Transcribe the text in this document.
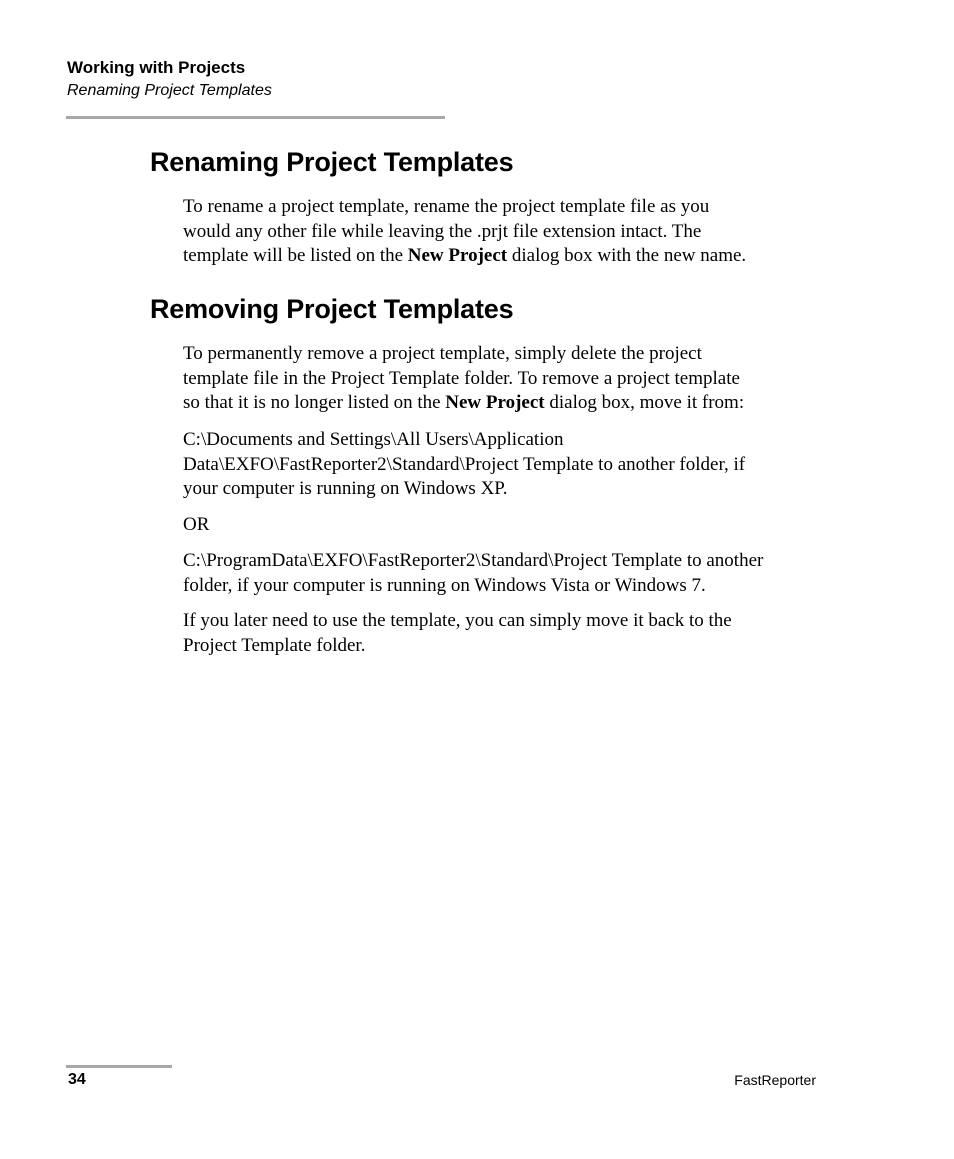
Working with Projects

Renaming Project Templates

Renaming Project Templates

To rename a project template, rename the project template file as you
would any other file while leaving the .prjt file extension intact. The
template will be listed on the New Project dialog box with the new name.

Removing Project Templates

To permanently remove a project template, simply delete the project
template file in the Project Template folder. To remove a project template
so that it is no longer listed on the New Project dialog box, move it from:

C:\Documents and Settings\All Users\Application
Data\EXFO\FastReporter2\Standard\Project Template to another folder, if
your computer is running on Windows XP.

OR

C:\ProgramData\EXFO\FastReporter2\Standard\Project Template to another
folder, if your computer is running on Windows Vista or Windows 7.

If you later need to use the template, you can simply move it back to the
Project Template folder.

34	FastReporter
